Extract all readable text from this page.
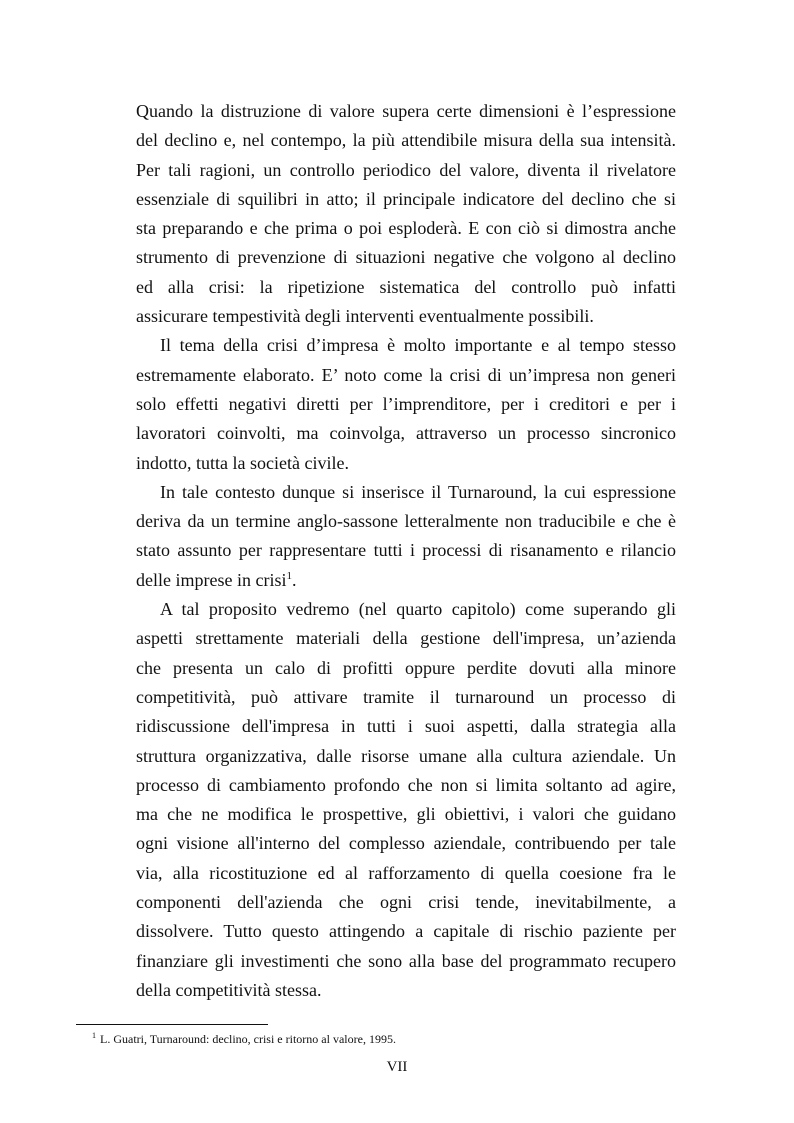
Quando la distruzione di valore supera certe dimensioni è l’espressione
del declino e, nel contempo, la più attendibile misura della sua intensità.
Per tali ragioni, un controllo periodico del valore, diventa il rivelatore
essenziale di squilibri in atto; il principale indicatore del declino che si
sta preparando e che prima o poi esploderà. E con ciò si dimostra anche
strumento di prevenzione di situazioni negative che volgono al declino
ed alla crisi: la ripetizione sistematica del controllo può infatti
assicurare tempestività degli interventi eventualmente possibili.

Il tema della crisi d’impresa è molto importante e al tempo stesso
estremamente elaborato. E’ noto come la crisi di un’impresa non generi
solo effetti negativi diretti per l’imprenditore, per i creditori e per i
lavoratori coinvolti, ma coinvolga, attraverso un processo sincronico
indotto, tutta la società civile.

In tale contesto dunque si inserisce il Turnaround, la cui espressione
deriva da un termine anglo-sassone letteralmente non traducibile e che è
stato assunto per rappresentare tutti i processi di risanamento e rilancio
delle imprese in crisi$^1$.

A tal proposito vedremo (nel quarto capitolo) come superando gli
aspetti strettamente materiali della gestione dell'impresa, un’azienda
che presenta un calo di profitti oppure perdite dovuti alla minore
competitività, può attivare tramite il turnaround un processo di
ridiscussione dell'impresa in tutti i suoi aspetti, dalla strategia alla
struttura organizzativa, dalle risorse umane alla cultura aziendale. Un
processo di cambiamento profondo che non si limita soltanto ad agire,
ma che ne modifica le prospettive, gli obiettivi, i valori che guidano
ogni visione all'interno del complesso aziendale, contribuendo per tale
via, alla ricostituzione ed al rafforzamento di quella coesione fra le
componenti dell'azienda che ogni crisi tende, inevitabilmente, a
dissolvere. Tutto questo attingendo a capitale di rischio paziente per
finanziare gli investimenti che sono alla base del programmato recupero
della competitività stessa.

$^1$ L. Guatri, Turnaround: declino, crisi e ritorno al valore, 1995.
VII
